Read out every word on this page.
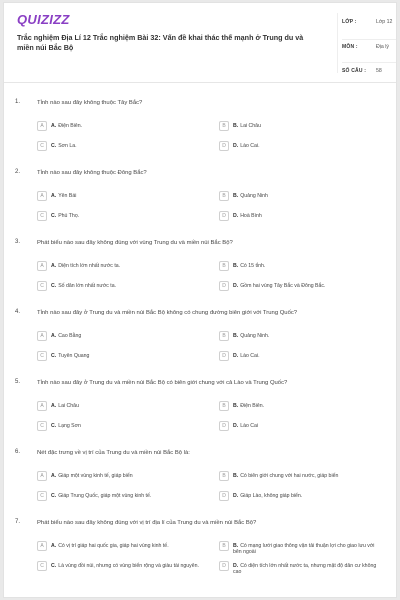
QUIZIZZ
Trắc nghiệm Địa Lí 12 Trắc nghiệm Bài 32: Vấn đề khai thác thế mạnh ở Trung du và miền núi Bắc Bộ
LỚP :	Lớp 12
MÔN :	Địa lý
SỐ CÂU : 58
1.	Tỉnh nào sau đây không thuộc Tây Bắc?
A	A. Điện Biên.	B	B. Lai Châu
C	C. Sơn La.	D	D. Lào Cai.
2.	Tỉnh nào sau đây không thuộc Đông Bắc?
A	A. Yên Bái	B	B. Quảng Ninh
C	C. Phú Thọ.	D	D. Hoà Bình
3.	Phát biểu nào sau đây không đúng với vùng Trung du và miền núi Bắc Bộ?
A	A. Diện tích lớn nhất nước ta.	B	B. Có 15 tỉnh.
C	C. Số dân lớn nhất nước ta.	D	D. Gồm hai vùng Tây Bắc và Đông Bắc.
4.	Tỉnh nào sau đây ở Trung du và miền núi Bắc Bộ không có chung đường biên giới với Trung Quốc?
A	A. Cao Bằng	B	B. Quảng Ninh.
C	C. Tuyên Quang	D	D. Lào Cai.
5.	Tỉnh nào sau đây ở Trung du và miền núi Bắc Bộ có biên giới chung với cả Lào và Trung Quốc?
A	A. Lai Châu	B	B. Điện Biên.
C	C. Lạng Sơn	D	D. Lào Cai
6.	Nét đặc trưng về vị trí của Trung du và miền núi Bắc Bộ là:
A	A. Giáp một vùng kinh tế, giáp biển	B	B. Có biên giới chung với hai nước, giáp biển
C	C. Giáp Trung Quốc, giáp một vùng kinh tế.	D	D. Giáp Lào, không giáp biển.
7.	Phát biểu nào sau đây không đúng với vị trí địa lí của Trung du và miền núi Bắc Bộ?
A	A. Có vị trí giáp hai quốc gia, giáp hai vùng kinh tế.	B	B. Có mạng lưới giao thông vận tải thuận lợi cho giao lưu với bên ngoài
C	C. Là vùng đồi núi, nhưng có vùng biển rộng và giàu tài nguyên.	D	D. Có diện tích lớn nhất nước ta, nhưng mật độ dân cư không cao
